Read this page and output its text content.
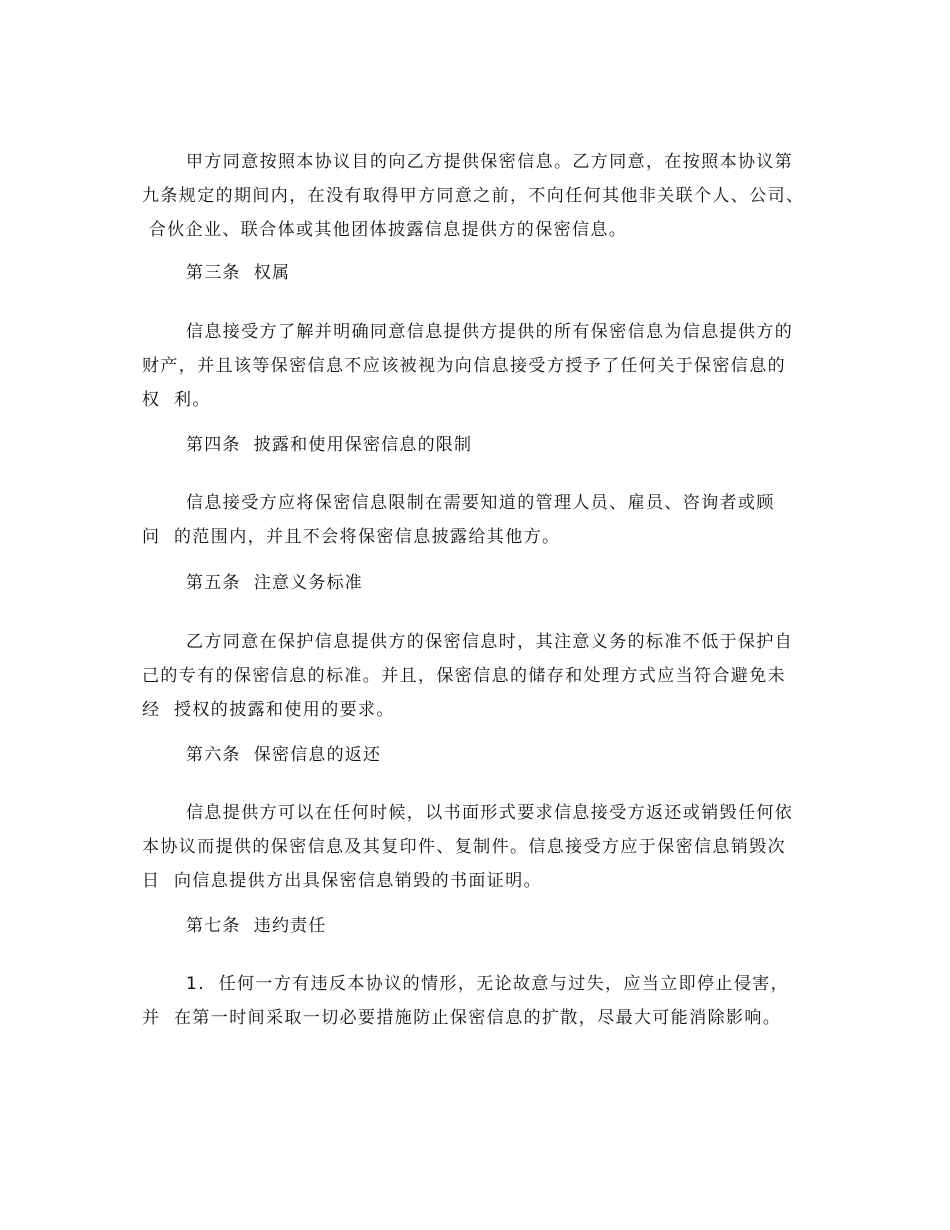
甲方同意按照本协议目的向乙方提供保密信息。乙方同意，在按照本协议第
九条规定的期间内，在没有取得甲方同意之前，不向任何其他非关联个人、公司、
合伙企业、联合体或其他团体披露信息提供方的保密信息。
第三条  权属
信息接受方了解并明确同意信息提供方提供的所有保密信息为信息提供方的
财产，并且该等保密信息不应该被视为向信息接受方授予了任何关于保密信息的
权  利。
第四条  披露和使用保密信息的限制
信息接受方应将保密信息限制在需要知道的管理人员、雇员、咨询者或顾
问  的范围内，并且不会将保密信息披露给其他方。
第五条  注意义务标准
乙方同意在保护信息提供方的保密信息时，其注意义务的标准不低于保护自
己的专有的保密信息的标准。并且，保密信息的储存和处理方式应当符合避免未
经  授权的披露和使用的要求。
第六条  保密信息的返还
信息提供方可以在任何时候，以书面形式要求信息接受方返还或销毁任何依
本协议而提供的保密信息及其复印件、复制件。信息接受方应于保密信息销毁次
日  向信息提供方出具保密信息销毁的书面证明。
第七条  违约责任
1.  任何一方有违反本协议的情形，无论故意与过失，应当立即停止侵害，
并  在第一时间采取一切必要措施防止保密信息的扩散，尽最大可能消除影响。
